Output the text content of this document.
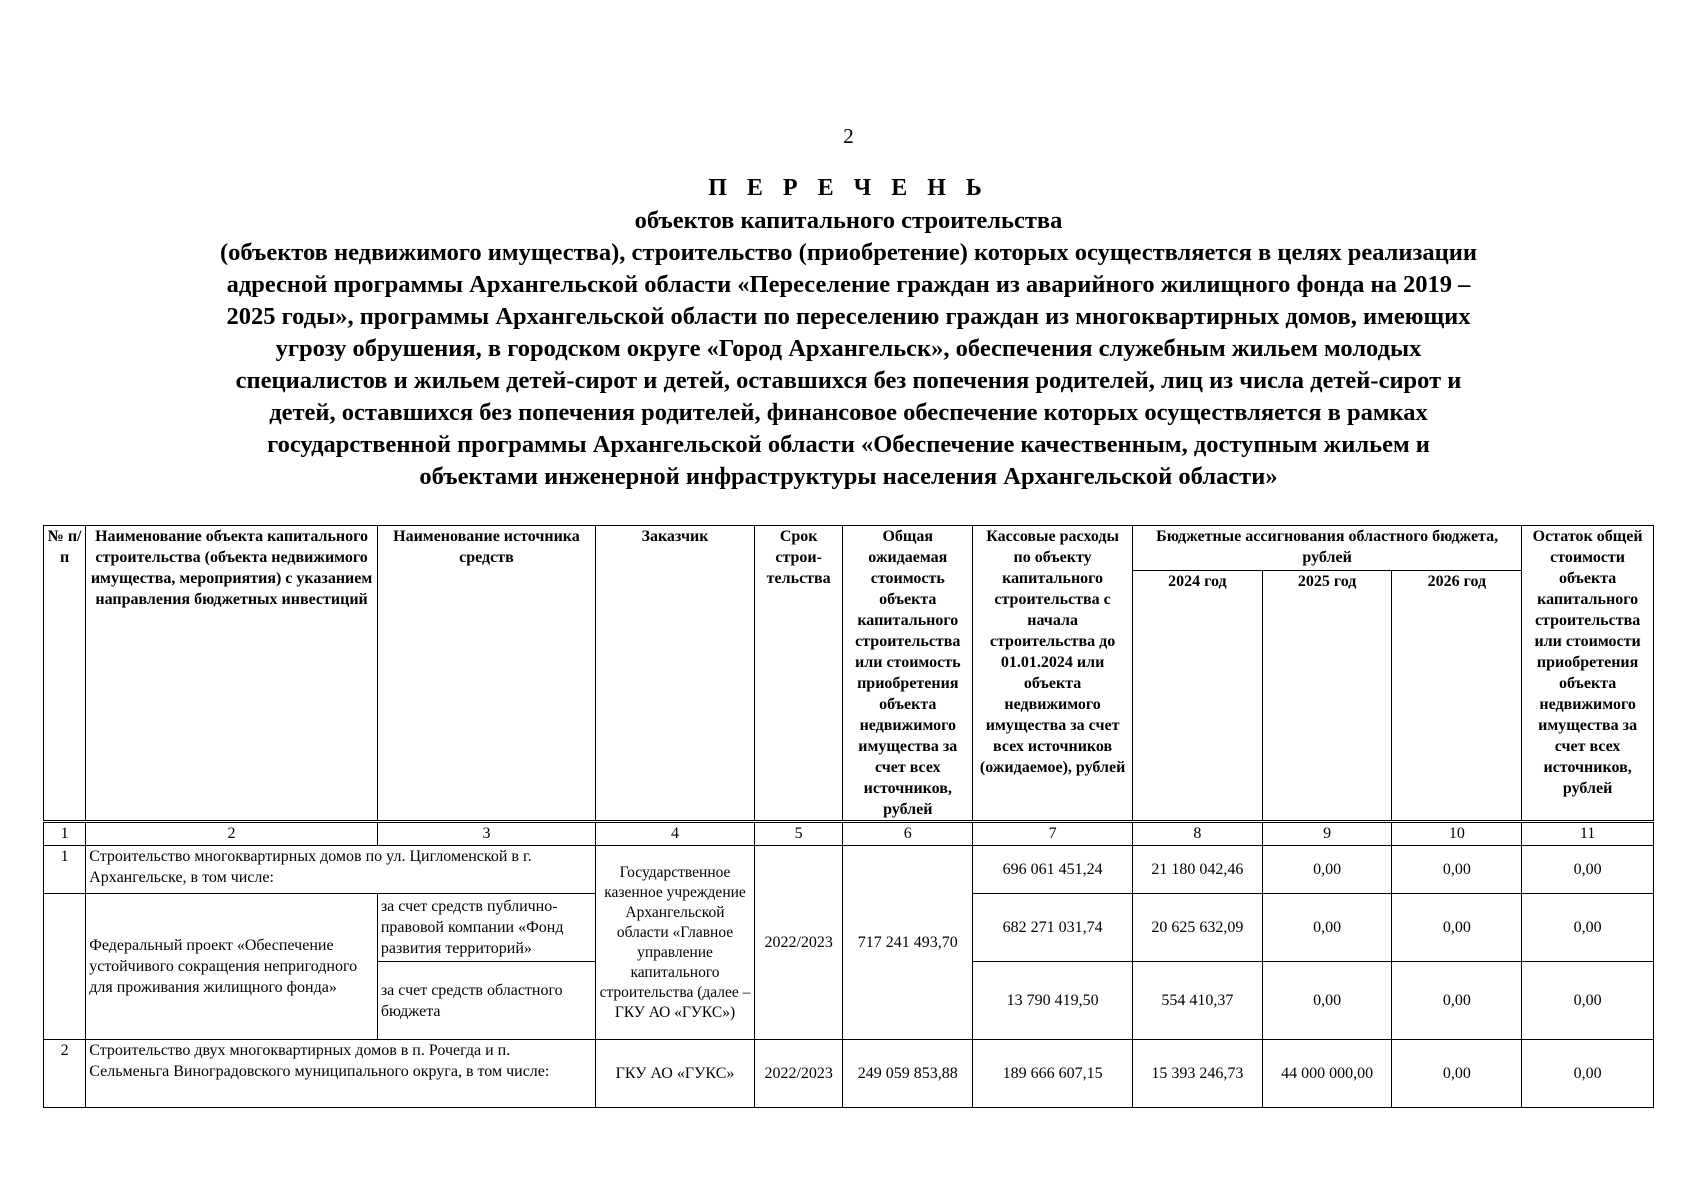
2
П Е Р Е Ч Е Н Ь
объектов капитального строительства
(объектов недвижимого имущества), строительство (приобретение) которых осуществляется в целях реализации
адресной программы Архангельской области «Переселение граждан из аварийного жилищного фонда на 2019 –
2025 годы», программы Архангельской области по переселению граждан из многоквартирных домов, имеющих
угрозу обрушения, в городском округе «Город Архангельск», обеспечения служебным жильем молодых
специалистов и жильем детей-сирот и детей, оставшихся без попечения родителей, лиц из числа детей-сирот и
детей, оставшихся без попечения родителей, финансовое обеспечение которых осуществляется в рамках
государственной программы Архангельской области «Обеспечение качественным, доступным жильем и
объектами инженерной инфраструктуры населения Архангельской области»
№ п/п	Наименование объекта капитального строительства (объекта недвижимого имущества, мероприятия) с указанием направления бюджетных инвестиций	Наименование источника средств	Заказчик	Срок строи-тельства	Общая ожидаемая стоимость объекта капитального строительства или стоимость приобретения объекта недвижимого имущества за счет всех источников, рублей	Кассовые расходы по объекту капитального строительства с начала строительства до 01.01.2024 или объекта недвижимого имущества за счет всех источников (ожидаемое), рублей	Бюджетные ассигнования областного бюджета, рублей			Остаток общей стоимости объекта капитального строительства или стоимости приобретения объекта недвижимого имущества за счет всех источников, рублей
							2024 год	2025 год	2026 год	
1	2	3	4	5	6	7	8	9	10	11
1	Строительство многоквартирных домов по ул. Цигломенской в г. Архангельске, в том числе:		Государственное казенное учреждение Архангельской области «Главное управление капитального строительства (далее – ГКУ АО «ГУКС»)	2022/2023	717 241 493,70	696 061 451,24	21 180 042,46	0,00	0,00	0,00
	Федеральный проект «Обеспечение устойчивого сокращения непригодного для проживания жилищного фонда»	за счет средств публично-правовой компании «Фонд развития территорий»				682 271 031,74	20 625 632,09	0,00	0,00	0,00
		за счет средств областного бюджета				13 790 419,50	554 410,37	0,00	0,00	0,00
2	Строительство двух многоквартирных домов в п. Рочегда и п. Сельменьга Виноградовского муниципального округа, в том числе:		ГКУ АО «ГУКС»	2022/2023	249 059 853,88	189 666 607,15	15 393 246,73	44 000 000,00	0,00	0,00
